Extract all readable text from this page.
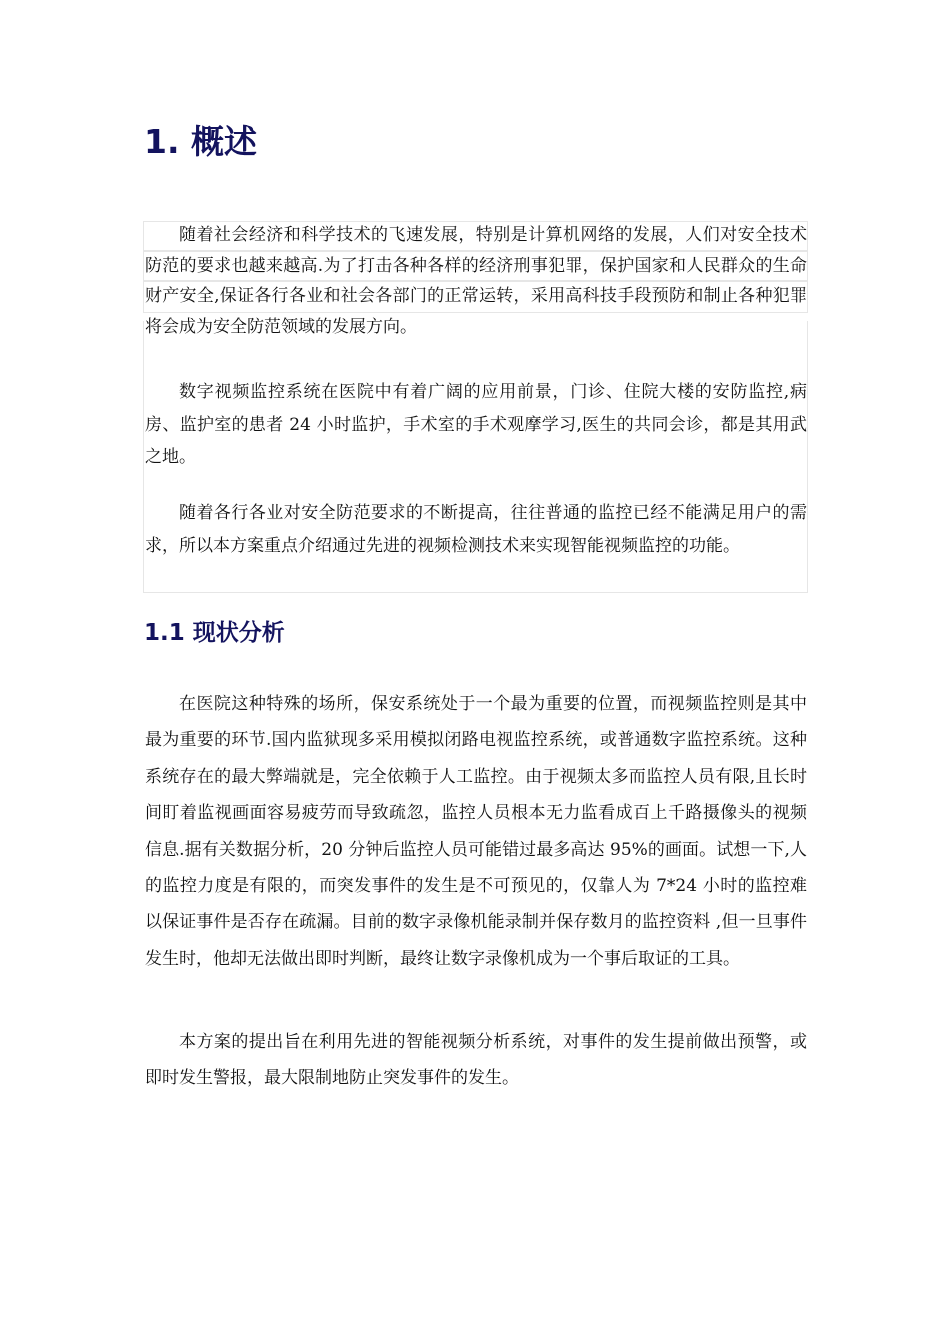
1. 概述

随着社会经济和科学技术的飞速发展，特别是计算机网络的发展，人们对安全技术防范的要求也越来越高.为了打击各种各样的经济刑事犯罪，保护国家和人民群众的生命财产安全,保证各行各业和社会各部门的正常运转，采用高科技手段预防和制止各种犯罪将会成为安全防范领域的发展方向。

数字视频监控系统在医院中有着广阔的应用前景，门诊、住院大楼的安防监控,病房、监护室的患者 24 小时监护，手术室的手术观摩学习,医生的共同会诊，都是其用武之地。

随着各行各业对安全防范要求的不断提高，往往普通的监控已经不能满足用户的需求，所以本方案重点介绍通过先进的视频检测技术来实现智能视频监控的功能。

1.1 现状分析

在医院这种特殊的场所，保安系统处于一个最为重要的位置，而视频监控则是其中最为重要的环节.国内监狱现多采用模拟闭路电视监控系统，或普通数字监控系统。这种系统存在的最大弊端就是，完全依赖于人工监控。由于视频太多而监控人员有限,且长时间盯着监视画面容易疲劳而导致疏忽，监控人员根本无力监看成百上千路摄像头的视频信息.据有关数据分析，20 分钟后监控人员可能错过最多高达 95%的画面。试想一下,人的监控力度是有限的，而突发事件的发生是不可预见的，仅靠人为 7*24 小时的监控难以保证事件是否存在疏漏。目前的数字录像机能录制并保存数月的监控资料 ,但一旦事件发生时，他却无法做出即时判断，最终让数字录像机成为一个事后取证的工具。

本方案的提出旨在利用先进的智能视频分析系统，对事件的发生提前做出预警，或即时发生警报，最大限制地防止突发事件的发生。
